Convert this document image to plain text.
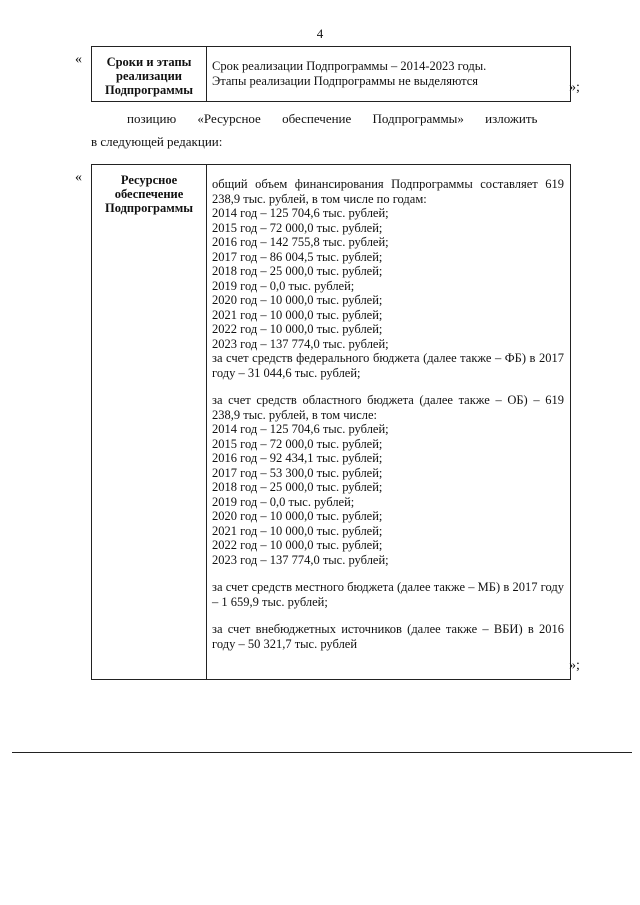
4
«	Сроки и этапы реализации Подпрограммы
Срок реализации Подпрограммы – 2014-2023 годы.
Этапы реализации Подпрограммы не выделяются	»;
позицию «Ресурсное обеспечение Подпрограммы» изложить
в следующей редакции:
«	Ресурсное обеспечение Подпрограммы

общий объем финансирования Подпрограммы составляет 619 238,9 тыс. рублей, в том числе по годам:

2014 год – 125 704,6 тыс. рублей;
2015 год – 72 000,0 тыс. рублей;
2016 год – 142 755,8 тыс. рублей;
2017 год – 86 004,5 тыс. рублей;
2018 год – 25 000,0 тыс. рублей;
2019 год – 0,0 тыс. рублей;
2020 год – 10 000,0 тыс. рублей;
2021 год – 10 000,0 тыс. рублей;
2022 год – 10 000,0 тыс. рублей;
2023 год – 137 774,0 тыс. рублей;

за счет средств федерального бюджета (далее также – ФБ) в 2017 году – 31 044,6 тыс. рублей;

за счет средств областного бюджета (далее также – ОБ) – 619 238,9 тыс. рублей, в том числе:

2014 год – 125 704,6 тыс. рублей;
2015 год – 72 000,0 тыс. рублей;
2016 год – 92 434,1 тыс. рублей;
2017 год – 53 300,0 тыс. рублей;
2018 год – 25 000,0 тыс. рублей;
2019 год – 0,0 тыс. рублей;
2020 год – 10 000,0 тыс. рублей;
2021 год – 10 000,0 тыс. рублей;
2022 год – 10 000,0 тыс. рублей;
2023 год – 137 774,0 тыс. рублей;

за счет средств местного бюджета (далее также – МБ) в 2017 году – 1 659,9 тыс. рублей;

за счет внебюджетных источников (далее также – ВБИ) в 2016 году – 50 321,7 тыс. рублей

»;
